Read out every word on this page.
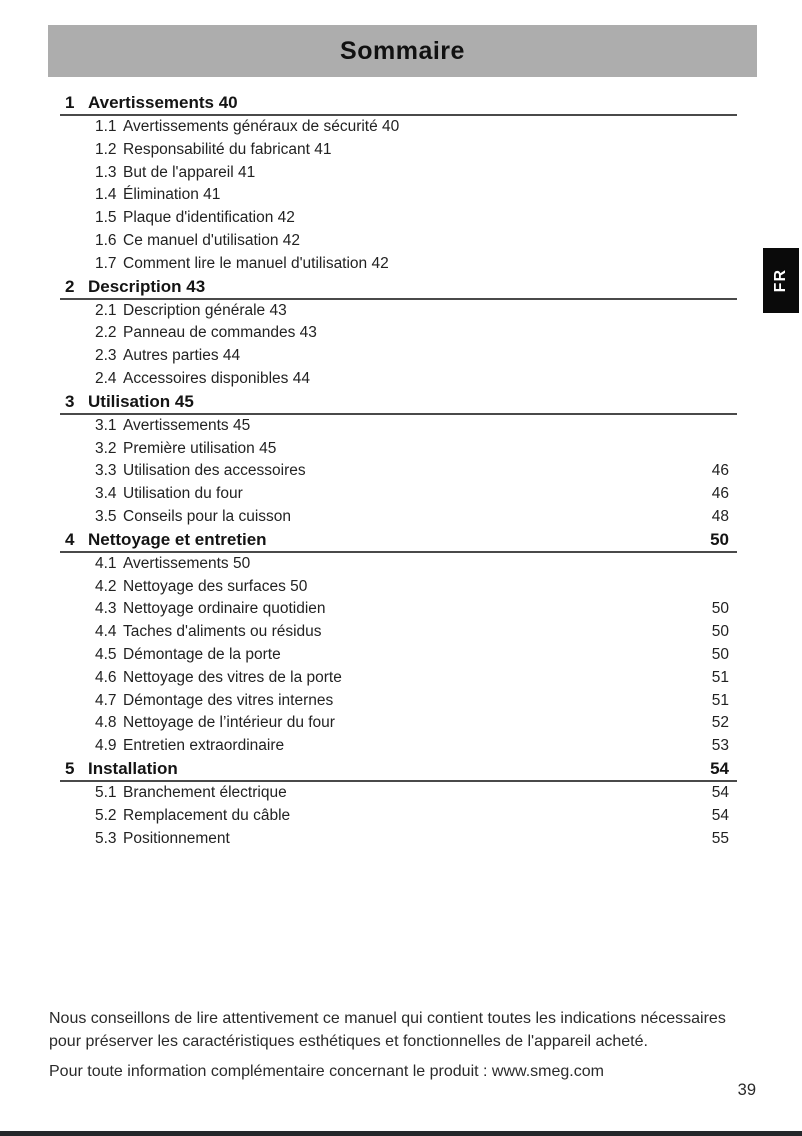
Sommaire
1 Avertissements 40
1.1 Avertissements généraux de sécurité 40
1.2 Responsabilité du fabricant 41
1.3 But de l'appareil 41
1.4 Élimination 41
1.5 Plaque d'identification 42
1.6 Ce manuel d'utilisation 42
1.7 Comment lire le manuel d'utilisation 42
2 Description 43
2.1 Description générale 43
2.2 Panneau de commandes 43
2.3 Autres parties 44
2.4 Accessoires disponibles 44
3 Utilisation 45
3.1 Avertissements 45
3.2 Première utilisation 45
3.3 Utilisation des accessoires	46
3.4 Utilisation du four	46
3.5 Conseils pour la cuisson	48
4 Nettoyage et entretien	50
4.1 Avertissements 50
4.2 Nettoyage des surfaces 50
4.3 Nettoyage ordinaire quotidien	50
4.4 Taches d'aliments ou résidus	50
4.5 Démontage de la porte	50
4.6 Nettoyage des vitres de la porte	51
4.7 Démontage des vitres internes	51
4.8 Nettoyage de l’intérieur du four	52
4.9 Entretien extraordinaire	53
5 Installation	54
5.1 Branchement électrique	54
5.2 Remplacement du câble	54
5.3 Positionnement	55
FR

Nous conseillons de lire attentivement ce manuel qui contient toutes les indications nécessaires pour préserver les caractéristiques esthétiques et fonctionnelles de l'appareil acheté.

Pour toute information complémentaire concernant le produit : www.smeg.com

39
